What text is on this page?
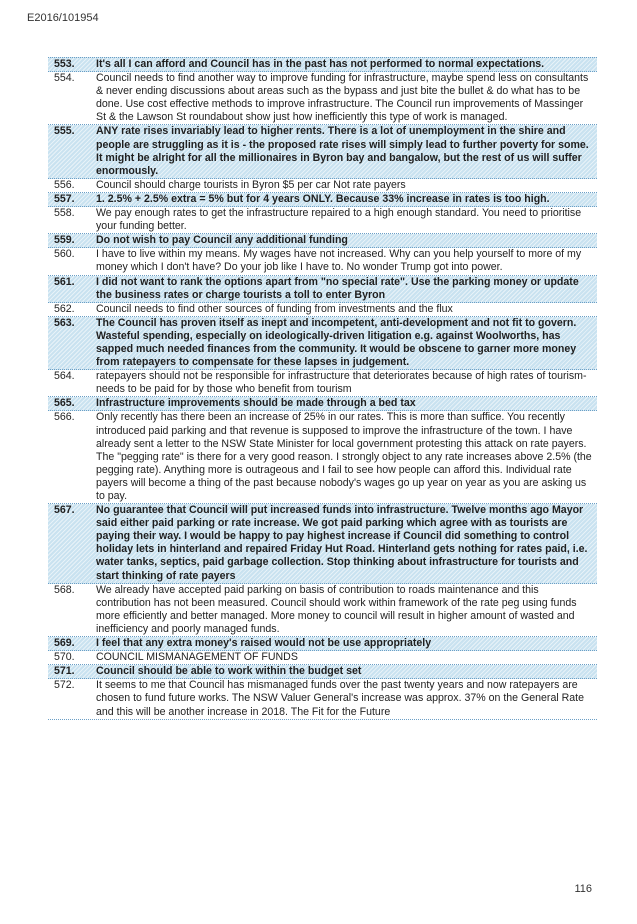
E2016/101954
553.	It's all I can afford and Council has in the past has not performed to normal expectations.
554.	Council needs to find another way to improve funding for infrastructure, maybe spend less on consultants & never ending discussions about areas such as the bypass and just bite the bullet & do what has to be done. Use cost effective methods to improve infrastructure. The Council run improvements of Massinger St & the Lawson St roundabout show just how inefficiently this type of work is managed.
555.	ANY rate rises invariably lead to higher rents. There is a lot of unemployment in the shire and people are struggling as it is - the proposed rate rises will simply lead to further poverty for some. It might be alright for all the millionaires in Byron bay and bangalow, but the rest of us will suffer enormously.
556.	Council should charge tourists in Byron $5 per car Not rate payers
557.	1. 2.5% + 2.5% extra = 5% but for 4 years ONLY. Because 33% increase in rates is too high.
558.	We pay enough rates to get the infrastructure repaired to a high enough standard. You need to prioritise your funding better.
559.	Do not wish to pay Council any additional funding
560.	I have to live within my means. My wages have not increased. Why can you help yourself to more of my money which I don't have? Do your job like I have to. No wonder Trump got into power.
561.	I did not want to rank the options apart from "no special rate". Use the parking money or update the business rates or charge tourists a toll to enter Byron
562.	Council needs to find other sources of funding from investments and the flux
563.	The Council has proven itself as inept and incompetent, anti-development and not fit to govern. Wasteful spending, especially on ideologically-driven litigation e.g. against Woolworths, has sapped much needed finances from the community. It would be obscene to garner more money from ratepayers to compensate for these lapses in judgement.
564.	ratepayers should not be responsible for infrastructure that deteriorates because of high rates of tourism- needs to be paid for by those who benefit from tourism
565.	Infrastructure improvements should be made through a bed tax
566.	Only recently has there been an increase of 25% in our rates. This is more than suffice. You recently introduced paid parking and that revenue is supposed to improve the infrastructure of the town. I have already sent a letter to the NSW State Minister for local government protesting this attack on rate payers. The "pegging rate" is there for a very good reason. I strongly object to any rate increases above 2.5% (the pegging rate). Anything more is outrageous and I fail to see how people can afford this. Individual rate payers will become a thing of the past because nobody's wages go up year on year as you are asking us to pay.
567.	No guarantee that Council will put increased funds into infrastructure. Twelve months ago Mayor said either paid parking or rate increase. We got paid parking which agree with as tourists are paying their way. I would be happy to pay highest increase if Council did something to control holiday lets in hinterland and repaired Friday Hut Road. Hinterland gets nothing for rates paid, i.e. water tanks, septics, paid garbage collection. Stop thinking about infrastructure for tourists and start thinking of rate payers
568.	We already have accepted paid parking on basis of contribution to roads maintenance and this contribution has not been measured. Council should work within framework of the rate peg using funds more efficiently and better managed. More money to council will result in higher amount of wasted and inefficiency and poorly managed funds.
569.	I feel that any extra money's raised would not be use appropriately
570.	COUNCIL MISMANAGEMENT OF FUNDS
571.	Council should be able to work within the budget set
572.	It seems to me that Council has mismanaged funds over the past twenty years and now ratepayers are chosen to fund future works. The NSW Valuer General's increase was approx. 37% on the General Rate and this will be another increase in 2018. The Fit for the Future
116
